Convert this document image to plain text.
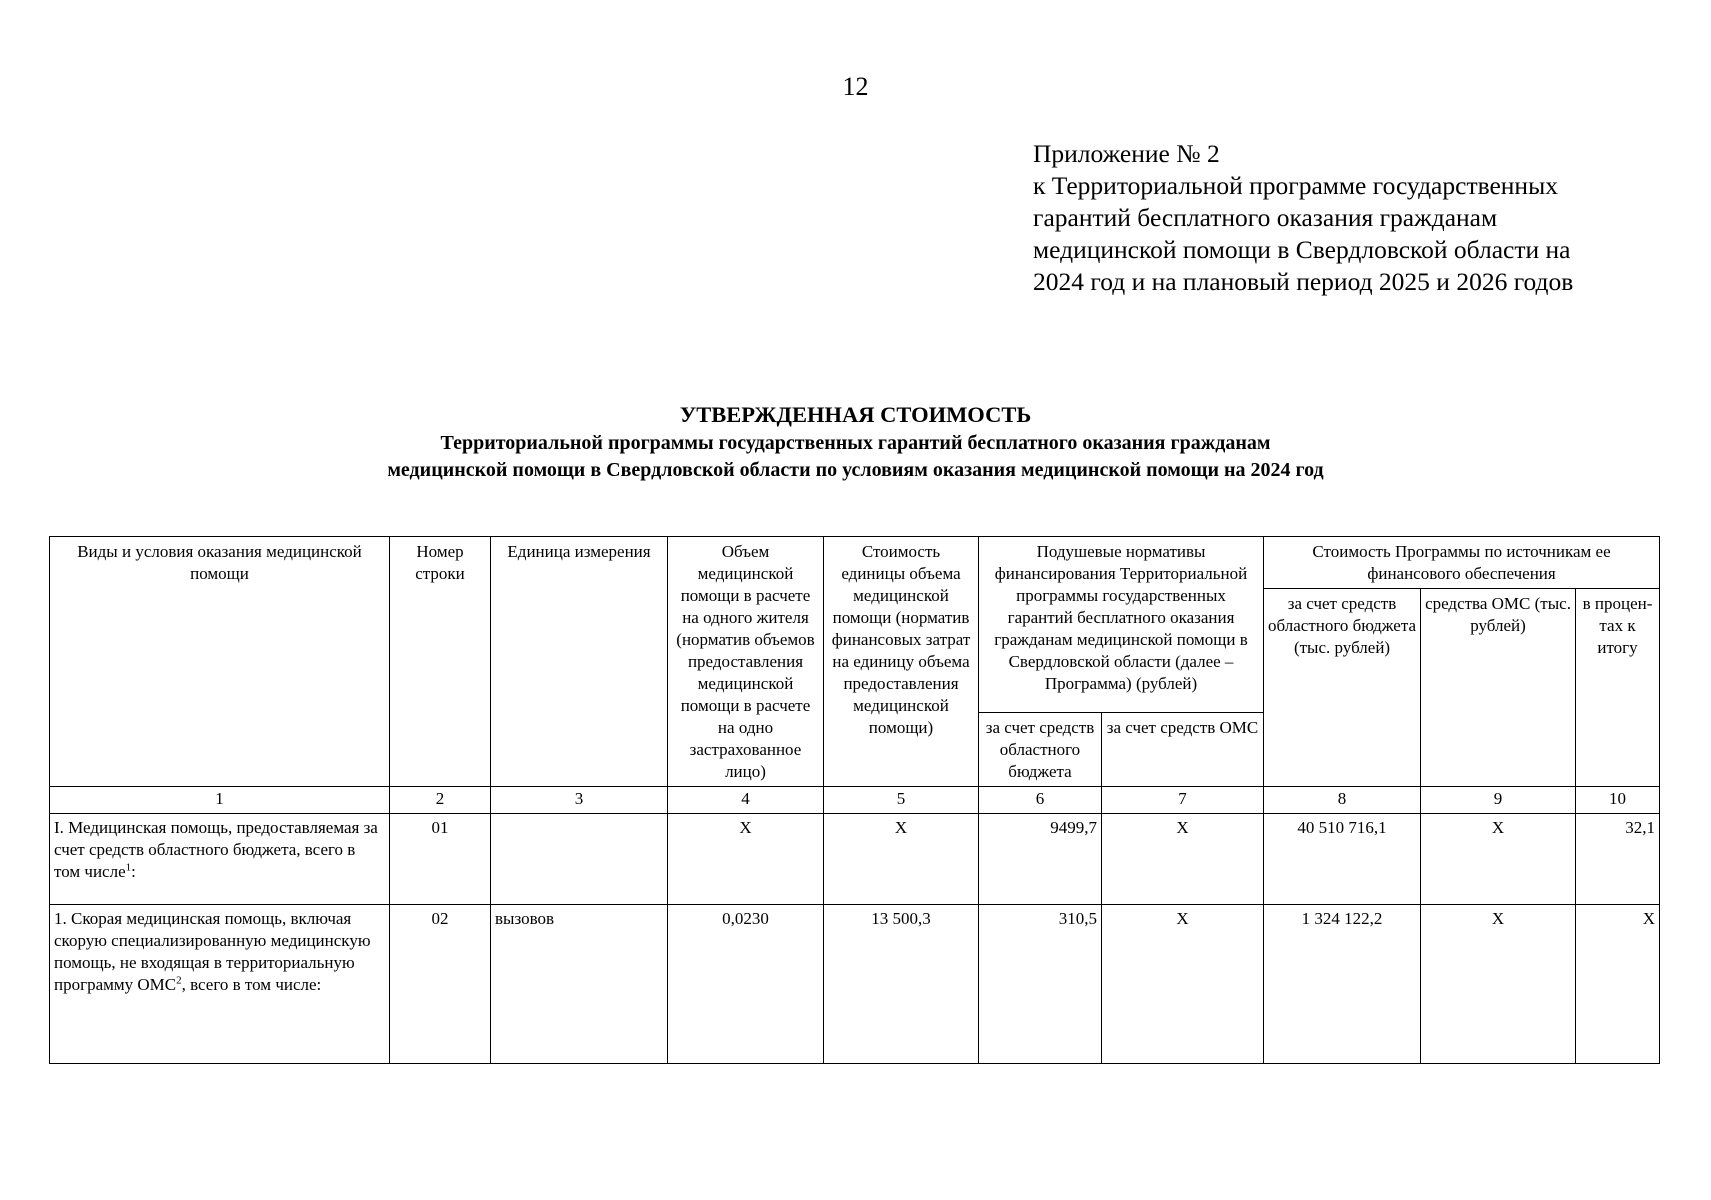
12
Приложение № 2
к Территориальной программе государственных
гарантий бесплатного оказания гражданам
медицинской помощи в Свердловской области на
2024 год и на плановый период 2025 и 2026 годов
УТВЕРЖДЕННАЯ СТОИМОСТЬ
Территориальной программы государственных гарантий бесплатного оказания гражданам
медицинской помощи в Свердловской области по условиям оказания медицинской помощи на 2024 год
Виды и условия оказания медицинской помощи	Номер строки	Единица измерения	Объем медицинской помощи в расчете на одного жителя (норматив объемов предоставления медицинской помощи в расчете на одно застрахованное лицо)	Стоимость единицы объема медицинской помощи (норматив финансовых затрат на единицу объема предоставления медицинской помощи)	Подушевые нормативы финансирования Территориальной программы государственных гарантий бесплатного оказания гражданам медицинской помощи в Свердловской области (далее – Программа) (рублей)		Стоимость Программы по источникам ее финансового обеспечения		
							за счет средств областного бюджета (тыс. рублей)	средства ОМС (тыс. рублей)	в процен-тах к итогу
					за счет средств областного бюджета	за счет средств ОМС			
1	2	3	4	5	6	7	8	9	10
I. Медицинская помощь, предоставляемая за счет средств областного бюджета, всего в том числе$^1$:	01		X	X	9499,7	X	40 510 716,1	X	32,1
1. Скорая медицинская помощь, включая скорую специализированную медицинскую помощь, не входящая в территориальную программу ОМС$^2$, всего в том числе:	02	вызовов	0,0230	13 500,3	310,5	X	1 324 122,2	X	X
